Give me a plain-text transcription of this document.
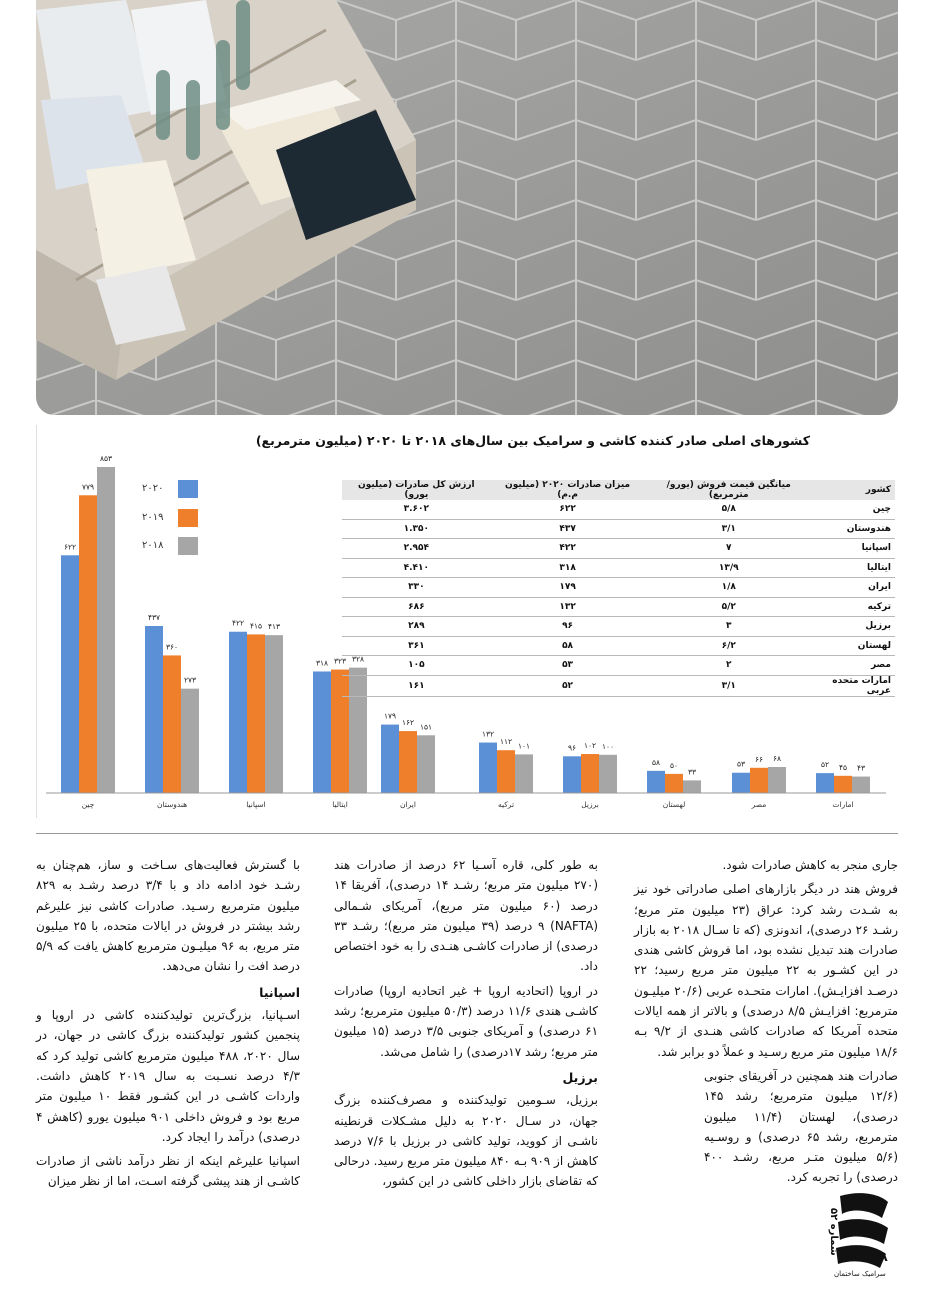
۶۲۲
۷۷۹
۸۵۳
چین
۴۳۷
۳۶۰
۲۷۳
هندوستان
۴۲۲ ۴۱۵ ۴۱۳
اسپانیا
۳۱۸ ۳۲۳ ۳۲۸
ایتالیا
۱۷۹
۱۶۲ ۱۵۱
ایران
۱۳۲
۱۱۲ ۱۰۱
ترکیه
۹۶ ۱۰۲ ۱۰۰
برزیل
۵۸ ۵۰
۳۳
لهستان
۵۳
۶۶ ۶۸
مصر
۵۲ ۴۵ ۴۳
امارات
کشورهای اصلی صادر کننده کاشی و سرامیک بین سال‌های ۲۰۱۸ تا ۲۰۲۰ (میلیون مترمربع)
۲۰۲۰
۲۰۱۹
۲۰۱۸
کشور	میانگین قیمت فروش (یورو/مترمربع)	میزان صادرات ۲۰۲۰ (میلیون م.م)	ارزش کل صادرات (میلیون یورو)
چین	۵/۸	۶۲۲	۳.۶۰۲
هندوستان	۳/۱	۴۳۷	۱.۳۵۰
اسپانیا	۷	۴۲۲	۲.۹۵۴
ایتالیا	۱۳/۹	۳۱۸	۴.۴۱۰
ایران	۱/۸	۱۷۹	۳۳۰
ترکیه	۵/۲	۱۳۲	۶۸۶
برزیل	۳	۹۶	۲۸۹
لهستان	۶/۲	۵۸	۳۶۱
مصر	۲	۵۳	۱۰۵
امارات متحده عربی	۳/۱	۵۲	۱۶۱

جاری منجر به کاهش صادرات شود.

فروش هند در دیگر بازارهای اصلی صادراتی خود نیز به شـدت رشد کرد: عراق (۲۳ میلیون متر مربع؛ رشـد ۲۶ درصدی)، اندونزی (که تا سـال ۲۰۱۸ به بازار صادرات هند تبدیل نشده بود، اما فروش کاشی هندی در این کشـور به ۲۲ میلیون متر مربع رسید؛ ۲۲ درصـد افزایـش). امارات متحـده عربی (۲۰/۶ میلیـون مترمربع: افزایـش ۸/۵ درصدی) و بالاتر از همه ایالات متحده آمریکا که صادرات کاشی هنـدی از ۹/۲ بـه ۱۸/۶ میلیون متر مربع رسـید و عملاً دو برابر شد.

صادرات هند همچنین در آفریقای جنوبی (۱۲/۶ میلیون مترمربع؛ رشد ۱۴۵ درصدی)، لهستان (۱۱/۴ میلیون مترمربع، رشد ۶۵ درصدی) و روسـیه (۵/۶ میلیون متـر مربع، رشـد ۴۰۰ درصدی) را تجربه کرد.

به طور کلی، قاره آسـیا ۶۲ درصد از صادرات هند (۲۷۰ میلیون متر مربع؛ رشـد ۱۴ درصدی)، آفریقا ۱۴ درصد (۶۰ میلیون متر مربع)، آمریکای شـمالی (NAFTA) ۹ درصد (۳۹ میلیون متر مربع)؛ رشـد ۳۳ درصدی) از صادرات کاشـی هنـدی را به خود اختصاص داد.

در اروپا (اتحادیه اروپا + غیر اتحادیه اروپا) صادرات کاشـی هندی ۱۱/۶ درصد (۵۰/۳ میلیون مترمربع؛ رشد ۶۱ درصدی) و آمریکای جنوبی ۳/۵ درصد (۱۵ میلیون متر مربع؛ رشد ۱۷درصدی) را شامل می‌شد.

برزیل

برزیل، سـومین تولیدکننده و مصرف‌کننده بزرگ جهان، در سـال ۲۰۲۰ به دلیل مشـکلات قرنطینه ناشـی از کووید، تولید کاشی در برزیل با ۷/۶ درصد کاهش از ۹۰۹ بـه ۸۴۰ میلیون متر مربع رسید. درحالی که تقاضای بازار داخلی کاشی در این کشور،

با گسترش فعالیت‌های سـاخت و ساز، هم‌چنان به رشـد خود ادامه داد و با ۳/۴ درصد رشـد به ۸۲۹ میلیون مترمربع رسـید. صادرات کاشی نیز علیرغم رشد بیشتر در فروش در ایالات متحده، با ۲۵ میلیون متر مربع، به ۹۶ میلیـون مترمربع کاهش یافت که ۵/۹ درصد افت را نشان می‌دهد.

اسپانیا

اسـپانیا، بزرگ‌ترین تولیدکننده کاشی در اروپا و پنجمین کشور تولیدکننده بزرگ کاشی در جهان، در سال ۲۰۲۰، ۴۸۸ میلیون مترمربع کاشی تولید کرد که ۴/۳ درصد نسـبت به سال ۲۰۱۹ کاهش داشت. واردات کاشـی در این کشـور فقط ۱۰ میلیون متر مربع بود و فروش داخلی ۹۰۱ میلیون یورو (کاهش ۴ درصدی) درآمد را ایجاد کرد.

اسپانیا علیرغم اینکه از نظر درآمد ناشی از صادرات کاشـی از هند پیشی گرفته اسـت، اما از نظر میزان

سرامیک ساختمان
شماره ۵۲
۱۸
